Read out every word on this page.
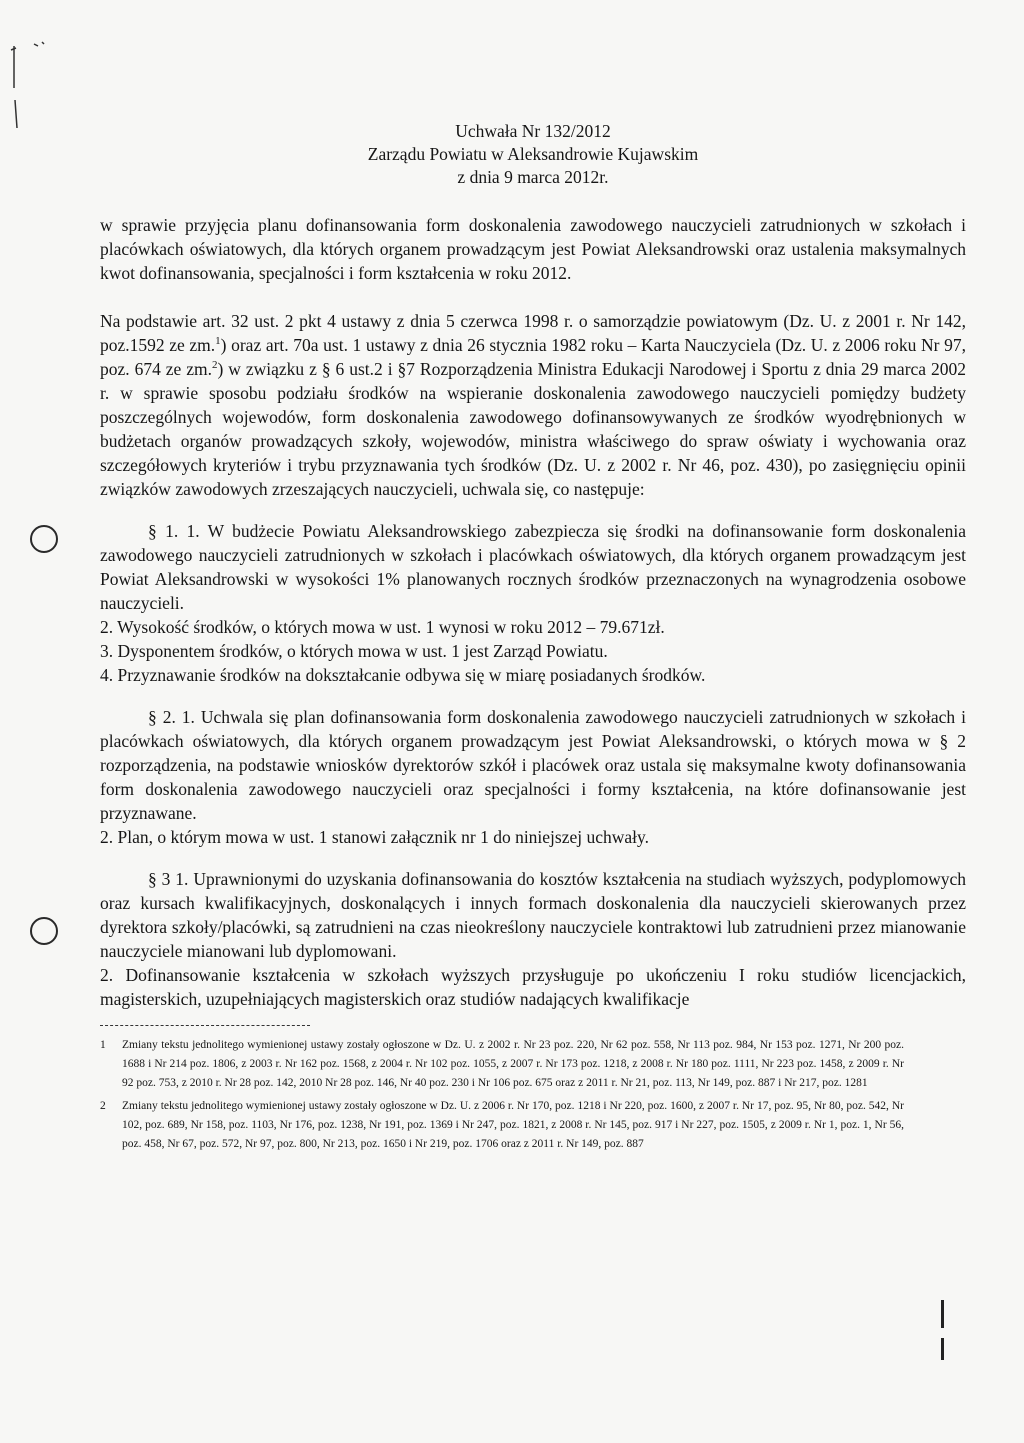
Uchwała Nr 132/2012
Zarządu Powiatu w Aleksandrowie Kujawskim
z dnia 9 marca 2012r.

w sprawie przyjęcia planu dofinansowania form doskonalenia zawodowego nauczycieli zatrudnionych w szkołach i placówkach oświatowych, dla których organem prowadzącym jest Powiat Aleksandrowski oraz ustalenia maksymalnych kwot dofinansowania, specjalności i form kształcenia w roku 2012.

Na podstawie art. 32 ust. 2 pkt 4 ustawy z dnia 5 czerwca 1998 r. o samorządzie powiatowym (Dz. U. z 2001 r. Nr 142, poz.1592 ze zm.$^1$) oraz art. 70a ust. 1 ustawy z dnia 26 stycznia 1982 roku – Karta Nauczyciela (Dz. U. z 2006 roku Nr 97, poz. 674 ze zm.$^2$) w związku z § 6 ust.2 i §7 Rozporządzenia Ministra Edukacji Narodowej i Sportu z dnia 29 marca 2002 r. w sprawie sposobu podziału środków na wspieranie doskonalenia zawodowego nauczycieli pomiędzy budżety poszczególnych wojewodów, form doskonalenia zawodowego dofinansowywanych ze środków wyodrębnionych w budżetach organów prowadzących szkoły, wojewodów, ministra właściwego do spraw oświaty i wychowania oraz szczegółowych kryteriów i trybu przyznawania tych środków (Dz. U. z 2002 r. Nr 46, poz. 430), po zasięgnięciu opinii związków zawodowych zrzeszających nauczycieli, uchwala się, co następuje:

§ 1. 1. W budżecie Powiatu Aleksandrowskiego zabezpiecza się środki na dofinansowanie form doskonalenia zawodowego nauczycieli zatrudnionych w szkołach i placówkach oświatowych, dla których organem prowadzącym jest Powiat Aleksandrowski w wysokości 1% planowanych rocznych środków przeznaczonych na wynagrodzenia osobowe nauczycieli.

2. Wysokość środków, o których mowa w ust. 1 wynosi w roku 2012 – 79.671zł.

3. Dysponentem środków, o których mowa w ust. 1 jest Zarząd Powiatu.

4. Przyznawanie środków na dokształcanie odbywa się w miarę posiadanych środków.

§ 2. 1. Uchwala się plan dofinansowania form doskonalenia zawodowego nauczycieli zatrudnionych w szkołach i placówkach oświatowych, dla których organem prowadzącym jest Powiat Aleksandrowski, o których mowa w § 2 rozporządzenia, na podstawie wniosków dyrektorów szkół i placówek oraz ustala się maksymalne kwoty dofinansowania form doskonalenia zawodowego nauczycieli oraz specjalności i formy kształcenia, na które dofinansowanie jest przyznawane.

2. Plan, o którym mowa w ust. 1 stanowi załącznik nr 1 do niniejszej uchwały.

§ 3 1. Uprawnionymi do uzyskania dofinansowania do kosztów kształcenia na studiach wyższych, podyplomowych oraz kursach kwalifikacyjnych, doskonalących i innych formach doskonalenia dla nauczycieli skierowanych przez dyrektora szkoły/placówki, są zatrudnieni na czas nieokreślony nauczyciele kontraktowi lub zatrudnieni przez mianowanie nauczyciele mianowani lub dyplomowani.

2. Dofinansowanie kształcenia w szkołach wyższych przysługuje po ukończeniu I roku studiów licencjackich, magisterskich, uzupełniających magisterskich oraz studiów nadających kwalifikacje

1	Zmiany tekstu jednolitego wymienionej ustawy zostały ogłoszone w Dz. U. z 2002 r. Nr 23 poz. 220, Nr 62 poz. 558, Nr 113 poz. 984, Nr 153 poz. 1271, Nr 200 poz. 1688 i Nr 214 poz. 1806, z 2003 r. Nr 162 poz. 1568, z 2004 r. Nr 102 poz. 1055, z 2007 r. Nr 173 poz. 1218, z 2008 r. Nr 180 poz. 1111, Nr 223 poz. 1458, z 2009 r. Nr 92 poz. 753, z 2010 r. Nr 28 poz. 142, 2010 Nr 28 poz. 146, Nr 40 poz. 230 i Nr 106 poz. 675 oraz z 2011 r. Nr 21, poz. 113, Nr 149, poz. 887 i Nr 217, poz. 1281
2	Zmiany tekstu jednolitego wymienionej ustawy zostały ogłoszone w Dz. U. z 2006 r. Nr 170, poz. 1218 i Nr 220, poz. 1600, z 2007 r. Nr 17, poz. 95, Nr 80, poz. 542, Nr 102, poz. 689, Nr 158, poz. 1103, Nr 176, poz. 1238, Nr 191, poz. 1369 i Nr 247, poz. 1821, z 2008 r. Nr 145, poz. 917 i Nr 227, poz. 1505, z 2009 r. Nr 1, poz. 1, Nr 56, poz. 458, Nr 67, poz. 572, Nr 97, poz. 800, Nr 213, poz. 1650 i Nr 219, poz. 1706 oraz z 2011 r. Nr 149, poz. 887
